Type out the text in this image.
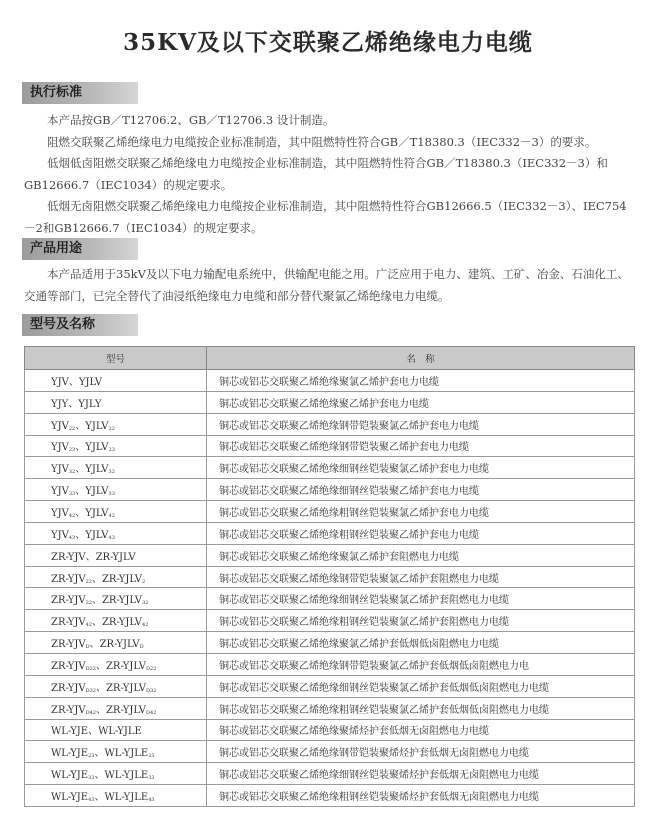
35KV及以下交联聚乙烯绝缘电力电缆
执行标准

本产品按GB／T12706.2、GB／T12706.3 设计制造。

阻燃交联聚乙烯绝缘电力电缆按企业标准制造，其中阻燃特性符合GB／T18380.3（IEC332－3）的要求。

低烟低卤阻燃交联聚乙烯绝缘电力电缆按企业标准制造，其中阻燃特性符合GB／T18380.3（IEC332－3）和GB12666.7（IEC1034）的规定要求。

低烟无卤阻燃交联聚乙烯绝缘电力电缆按企业标准制造，其中阻燃特性符合GB12666.5（IEC332－3）、IEC754－2和GB12666.7（IEC1034）的规定要求。

产品用途

本产品适用于35kV及以下电力输配电系统中，供输配电能之用。广泛应用于电力、建筑、工矿、冶金、石油化工、交通等部门，已完全替代了油浸纸绝缘电力电缆和部分替代聚氯乙烯绝缘电力电缆。

型号及名称
型号	名　称
YJV、YJLV	铜芯或铝芯交联聚乙烯绝缘聚氯乙烯护套电力电缆
YJY、YJLY	铜芯或铝芯交联聚乙烯绝缘聚乙烯护套电力电缆
$YJV_{22}$、$YJLV_{22}$	铜芯或铝芯交联聚乙烯绝缘钢带铠装聚氯乙烯护套电力电缆
$YJV_{23}$、$YJLV_{23}$	铜芯或铝芯交联聚乙烯绝缘钢带铠装聚乙烯护套电力电缆
$YJV_{32}$、$YJLV_{32}$	铜芯或铝芯交联聚乙烯绝缘细钢丝铠装聚氯乙烯护套电力电缆
$YJV_{33}$、$YJLV_{33}$	铜芯或铝芯交联聚乙烯绝缘细钢丝铠装聚乙烯护套电力电缆
$YJV_{42}$、$YJLV_{42}$	铜芯或铝芯交联聚乙烯绝缘粗钢丝铠装聚氯乙烯护套电力电缆
$YJV_{43}$、$YJLV_{43}$	铜芯或铝芯交联聚乙烯绝缘粗钢丝铠装聚乙烯护套电力电缆
ZR-YJV、ZR-YJLV	铜芯或铝芯交联聚乙烯绝缘聚氯乙烯护套阻燃电力电缆
$ZR-YJV_{22}$、$ZR-YJLV_2$	铜芯或铝芯交联聚乙烯绝缘钢带铠装聚氯乙烯护套阻燃电力电缆
$ZR-YJV_{32}$、$ZR-YJLV_{32}$	铜芯或铝芯交联聚乙烯绝缘细钢丝铠装聚氯乙烯护套阻燃电力电缆
$ZR-YJV_{42}$、$ZR-YJLV_{42}$	铜芯或铝芯交联聚乙烯绝缘粗钢丝铠装聚氯乙烯护套阻燃电力电缆
$ZR-YJV_D$、$ZR-YJLV_D$	铜芯或铝芯交联聚乙烯绝缘聚氯乙烯护套低烟低卤阻燃电力电缆
$ZR-YJV_{D22}$、$ZR-YJLV_{D22}$	铜芯或铝芯交联聚乙烯绝缘钢带铠装聚氯乙烯护套低烟低卤阻燃电力电
$ZR-YJV_{D32}$、$ZR-YJLV_{D32}$	铜芯或铝芯交联聚乙烯绝缘细钢丝铠装聚氯乙烯护套低烟低卤阻燃电力电缆
$ZR-YJV_{D42}$、$ZR-YJLV_{D42}$	铜芯或铝芯交联聚乙烯绝缘粗钢丝铠装聚氯乙烯护套低烟低卤阻燃电力电缆
WL-YJE、WL-YJLE	铜芯或铝芯交联聚乙烯绝缘聚烯烃护套低烟无卤阻燃电力电缆
$WL-YJE_{23}$、$WL-YJLE_{23}$	铜芯或铝芯交联聚乙烯绝缘钢带铠装聚烯烃护套低烟无卤阻燃电力电缆
$WL-YJE_{33}$、$WL-YJLE_{33}$	铜芯或铝芯交联聚乙烯绝缘细钢丝铠装聚烯烃护套低烟无卤阻燃电力电缆
$WL-YJE_{43}$、$WL-YJLE_{43}$	铜芯或铝芯交联聚乙烯绝缘粗钢丝铠装聚烯烃护套低烟无卤阻燃电力电缆
